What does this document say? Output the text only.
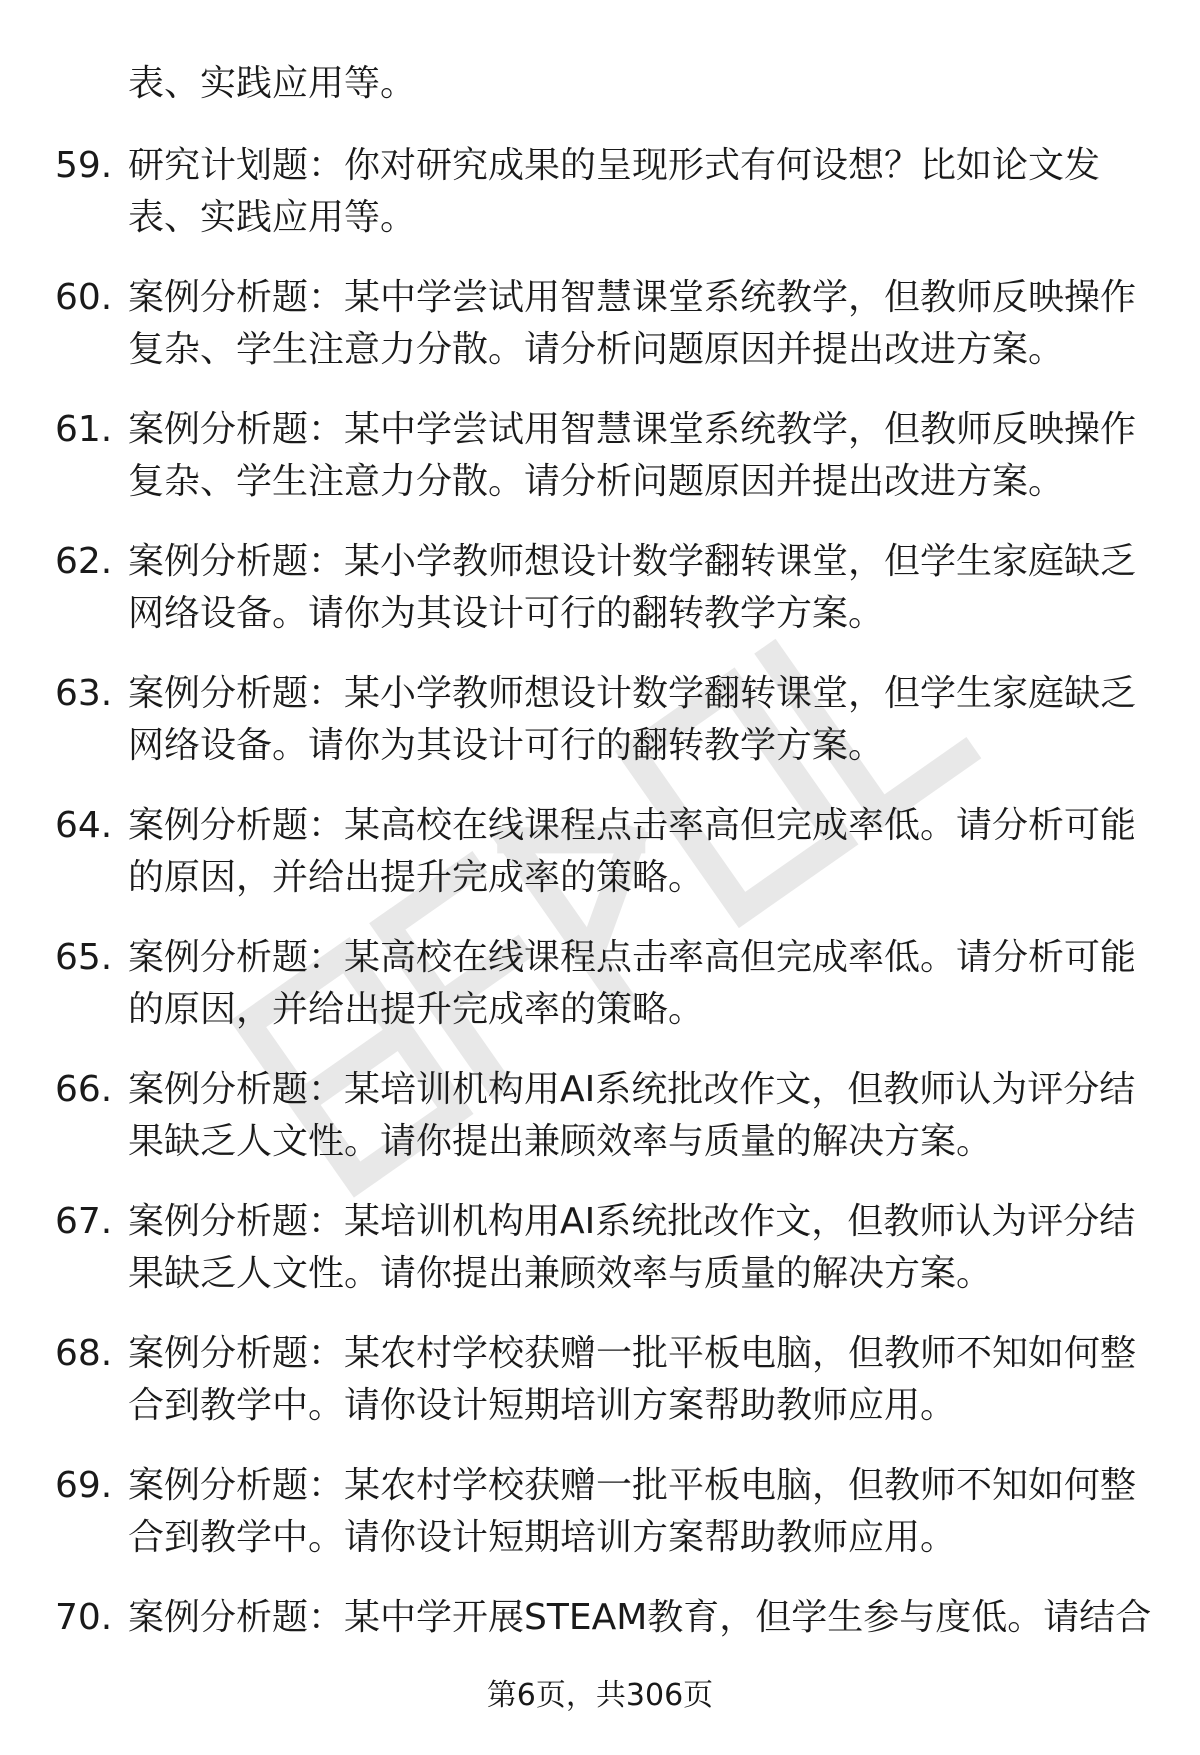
表、实践应用等。
59. 研究计划题：你对研究成果的呈现形式有何设想？比如论文发
表、实践应用等。
60. 案例分析题：某中学尝试用智慧课堂系统教学，但教师反映操作
复杂、学生注意力分散。请分析问题原因并提出改进方案。
61. 案例分析题：某中学尝试用智慧课堂系统教学，但教师反映操作
复杂、学生注意力分散。请分析问题原因并提出改进方案。
62. 案例分析题：某小学教师想设计数学翻转课堂，但学生家庭缺乏
网络设备。请你为其设计可行的翻转教学方案。
63. 案例分析题：某小学教师想设计数学翻转课堂，但学生家庭缺乏
网络设备。请你为其设计可行的翻转教学方案。
64. 案例分析题：某高校在线课程点击率高但完成率低。请分析可能
的原因，并给出提升完成率的策略。
65. 案例分析题：某高校在线课程点击率高但完成率低。请分析可能
的原因，并给出提升完成率的策略。
66. 案例分析题：某培训机构用AI系统批改作文，但教师认为评分结
果缺乏人文性。请你提出兼顾效率与质量的解决方案。
67. 案例分析题：某培训机构用AI系统批改作文，但教师认为评分结
果缺乏人文性。请你提出兼顾效率与质量的解决方案。
68. 案例分析题：某农村学校获赠一批平板电脑，但教师不知如何整
合到教学中。请你设计短期培训方案帮助教师应用。
69. 案例分析题：某农村学校获赠一批平板电脑，但教师不知如何整
合到教学中。请你设计短期培训方案帮助教师应用。
70. 案例分析题：某中学开展STEAM教育，但学生参与度低。请结合
第6页，共306页
